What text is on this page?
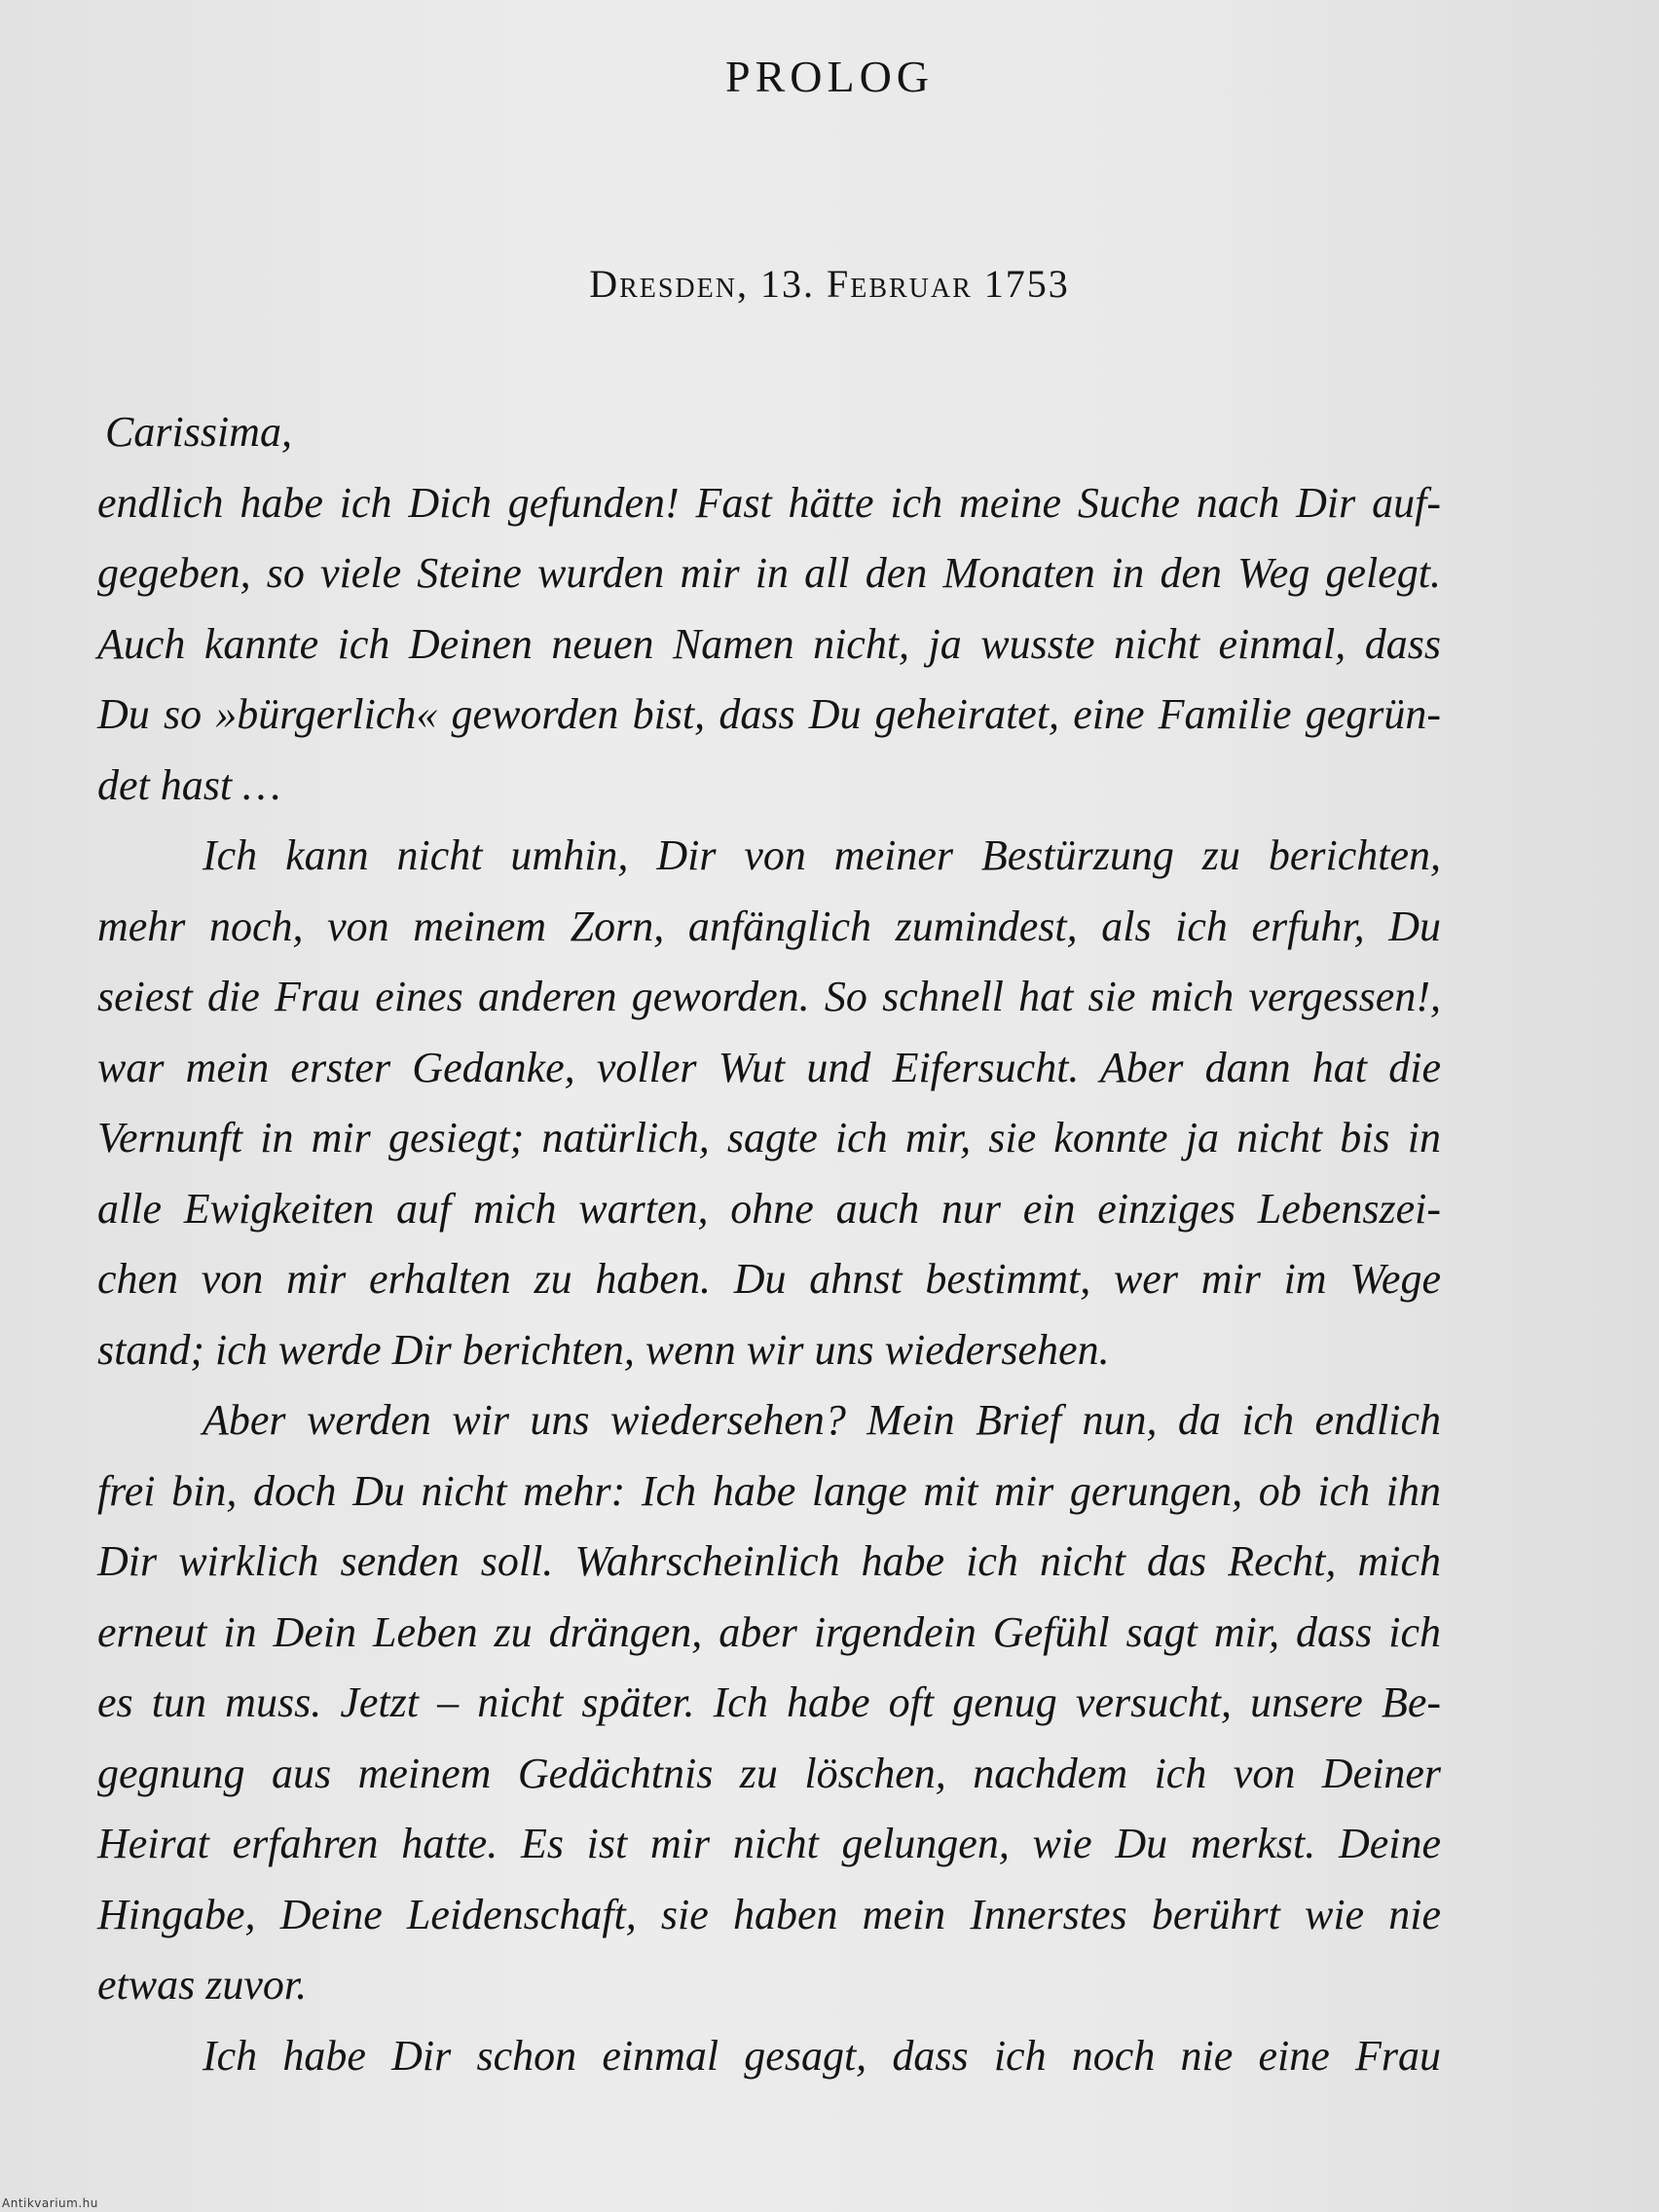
PROLOG
Dresden, 13. Februar 1753
Carissima,
endlich habe ich Dich gefunden! Fast hätte ich meine Suche nach Dir auf-
gegeben, so viele Steine wurden mir in all den Monaten in den Weg gelegt.
Auch kannte ich Deinen neuen Namen nicht, ja wusste nicht einmal, dass
Du so »bürgerlich« geworden bist, dass Du geheiratet, eine Familie gegrün-
det hast …
Ich kann nicht umhin, Dir von meiner Bestürzung zu berichten,
mehr noch, von meinem Zorn, anfänglich zumindest, als ich erfuhr, Du
seiest die Frau eines anderen geworden. So schnell hat sie mich vergessen!,
war mein erster Gedanke, voller Wut und Eifersucht. Aber dann hat die
Vernunft in mir gesiegt; natürlich, sagte ich mir, sie konnte ja nicht bis in
alle Ewigkeiten auf mich warten, ohne auch nur ein einziges Lebenszei-
chen von mir erhalten zu haben. Du ahnst bestimmt, wer mir im Wege
stand; ich werde Dir berichten, wenn wir uns wiedersehen.
Aber werden wir uns wiedersehen? Mein Brief nun, da ich endlich
frei bin, doch Du nicht mehr: Ich habe lange mit mir gerungen, ob ich ihn
Dir wirklich senden soll. Wahrscheinlich habe ich nicht das Recht, mich
erneut in Dein Leben zu drängen, aber irgendein Gefühl sagt mir, dass ich
es tun muss. Jetzt – nicht später. Ich habe oft genug versucht, unsere Be-
gegnung aus meinem Gedächtnis zu löschen, nachdem ich von Deiner
Heirat erfahren hatte. Es ist mir nicht gelungen, wie Du merkst. Deine
Hingabe, Deine Leidenschaft, sie haben mein Innerstes berührt wie nie
etwas zuvor.
Ich habe Dir schon einmal gesagt, dass ich noch nie eine Frau
Antikvarium.hu
